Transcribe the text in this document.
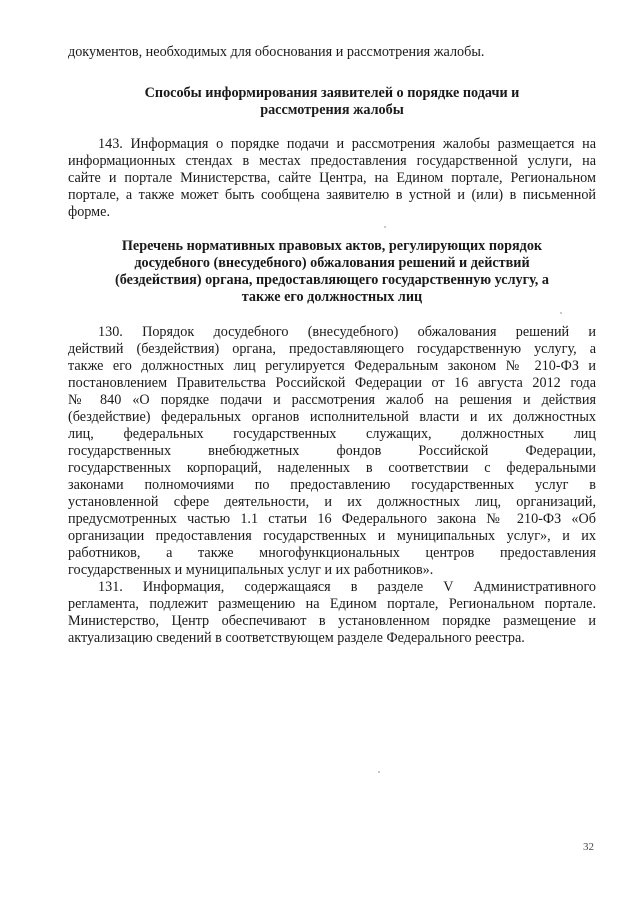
документов, необходимых для обоснования и рассмотрения жалобы.
Способы информирования заявителей о порядке подачи и
рассмотрения жалобы
143. Информация о порядке подачи и рассмотрения жалобы размещается на
информационных стендах в местах предоставления государственной услуги, на
сайте и портале Министерства, сайте Центра, на Едином портале, Региональном
портале, а также может быть сообщена заявителю в устной и (или) в письменной
форме.
Перечень нормативных правовых актов, регулирующих порядок
досудебного (внесудебного) обжалования решений и действий
(бездействия) органа, предоставляющего государственную услугу, а
также его должностных лиц
130. Порядок досудебного (внесудебного) обжалования решений и
действий (бездействия) органа, предоставляющего государственную услугу, а
также его должностных лиц регулируется Федеральным законом № 210-ФЗ и
постановлением Правительства Российской Федерации от 16 августа 2012 года
№ 840 «О порядке подачи и рассмотрения жалоб на решения и действия
(бездействие) федеральных органов исполнительной власти и их должностных
лиц, федеральных государственных служащих, должностных лиц
государственных внебюджетных фондов Российской Федерации,
государственных корпораций, наделенных в соответствии с федеральными
законами полномочиями по предоставлению государственных услуг в
установленной сфере деятельности, и их должностных лиц, организаций,
предусмотренных частью 1.1 статьи 16 Федерального закона № 210-ФЗ «Об
организации предоставления государственных и муниципальных услуг», и их
работников, а также многофункциональных центров предоставления
государственных и муниципальных услуг и их работников».
131. Информация, содержащаяся в разделе V Административного
регламента, подлежит размещению на Едином портале, Региональном портале.
Министерство, Центр обеспечивают в установленном порядке размещение и
актуализацию сведений в соответствующем разделе Федерального реестра.
32
